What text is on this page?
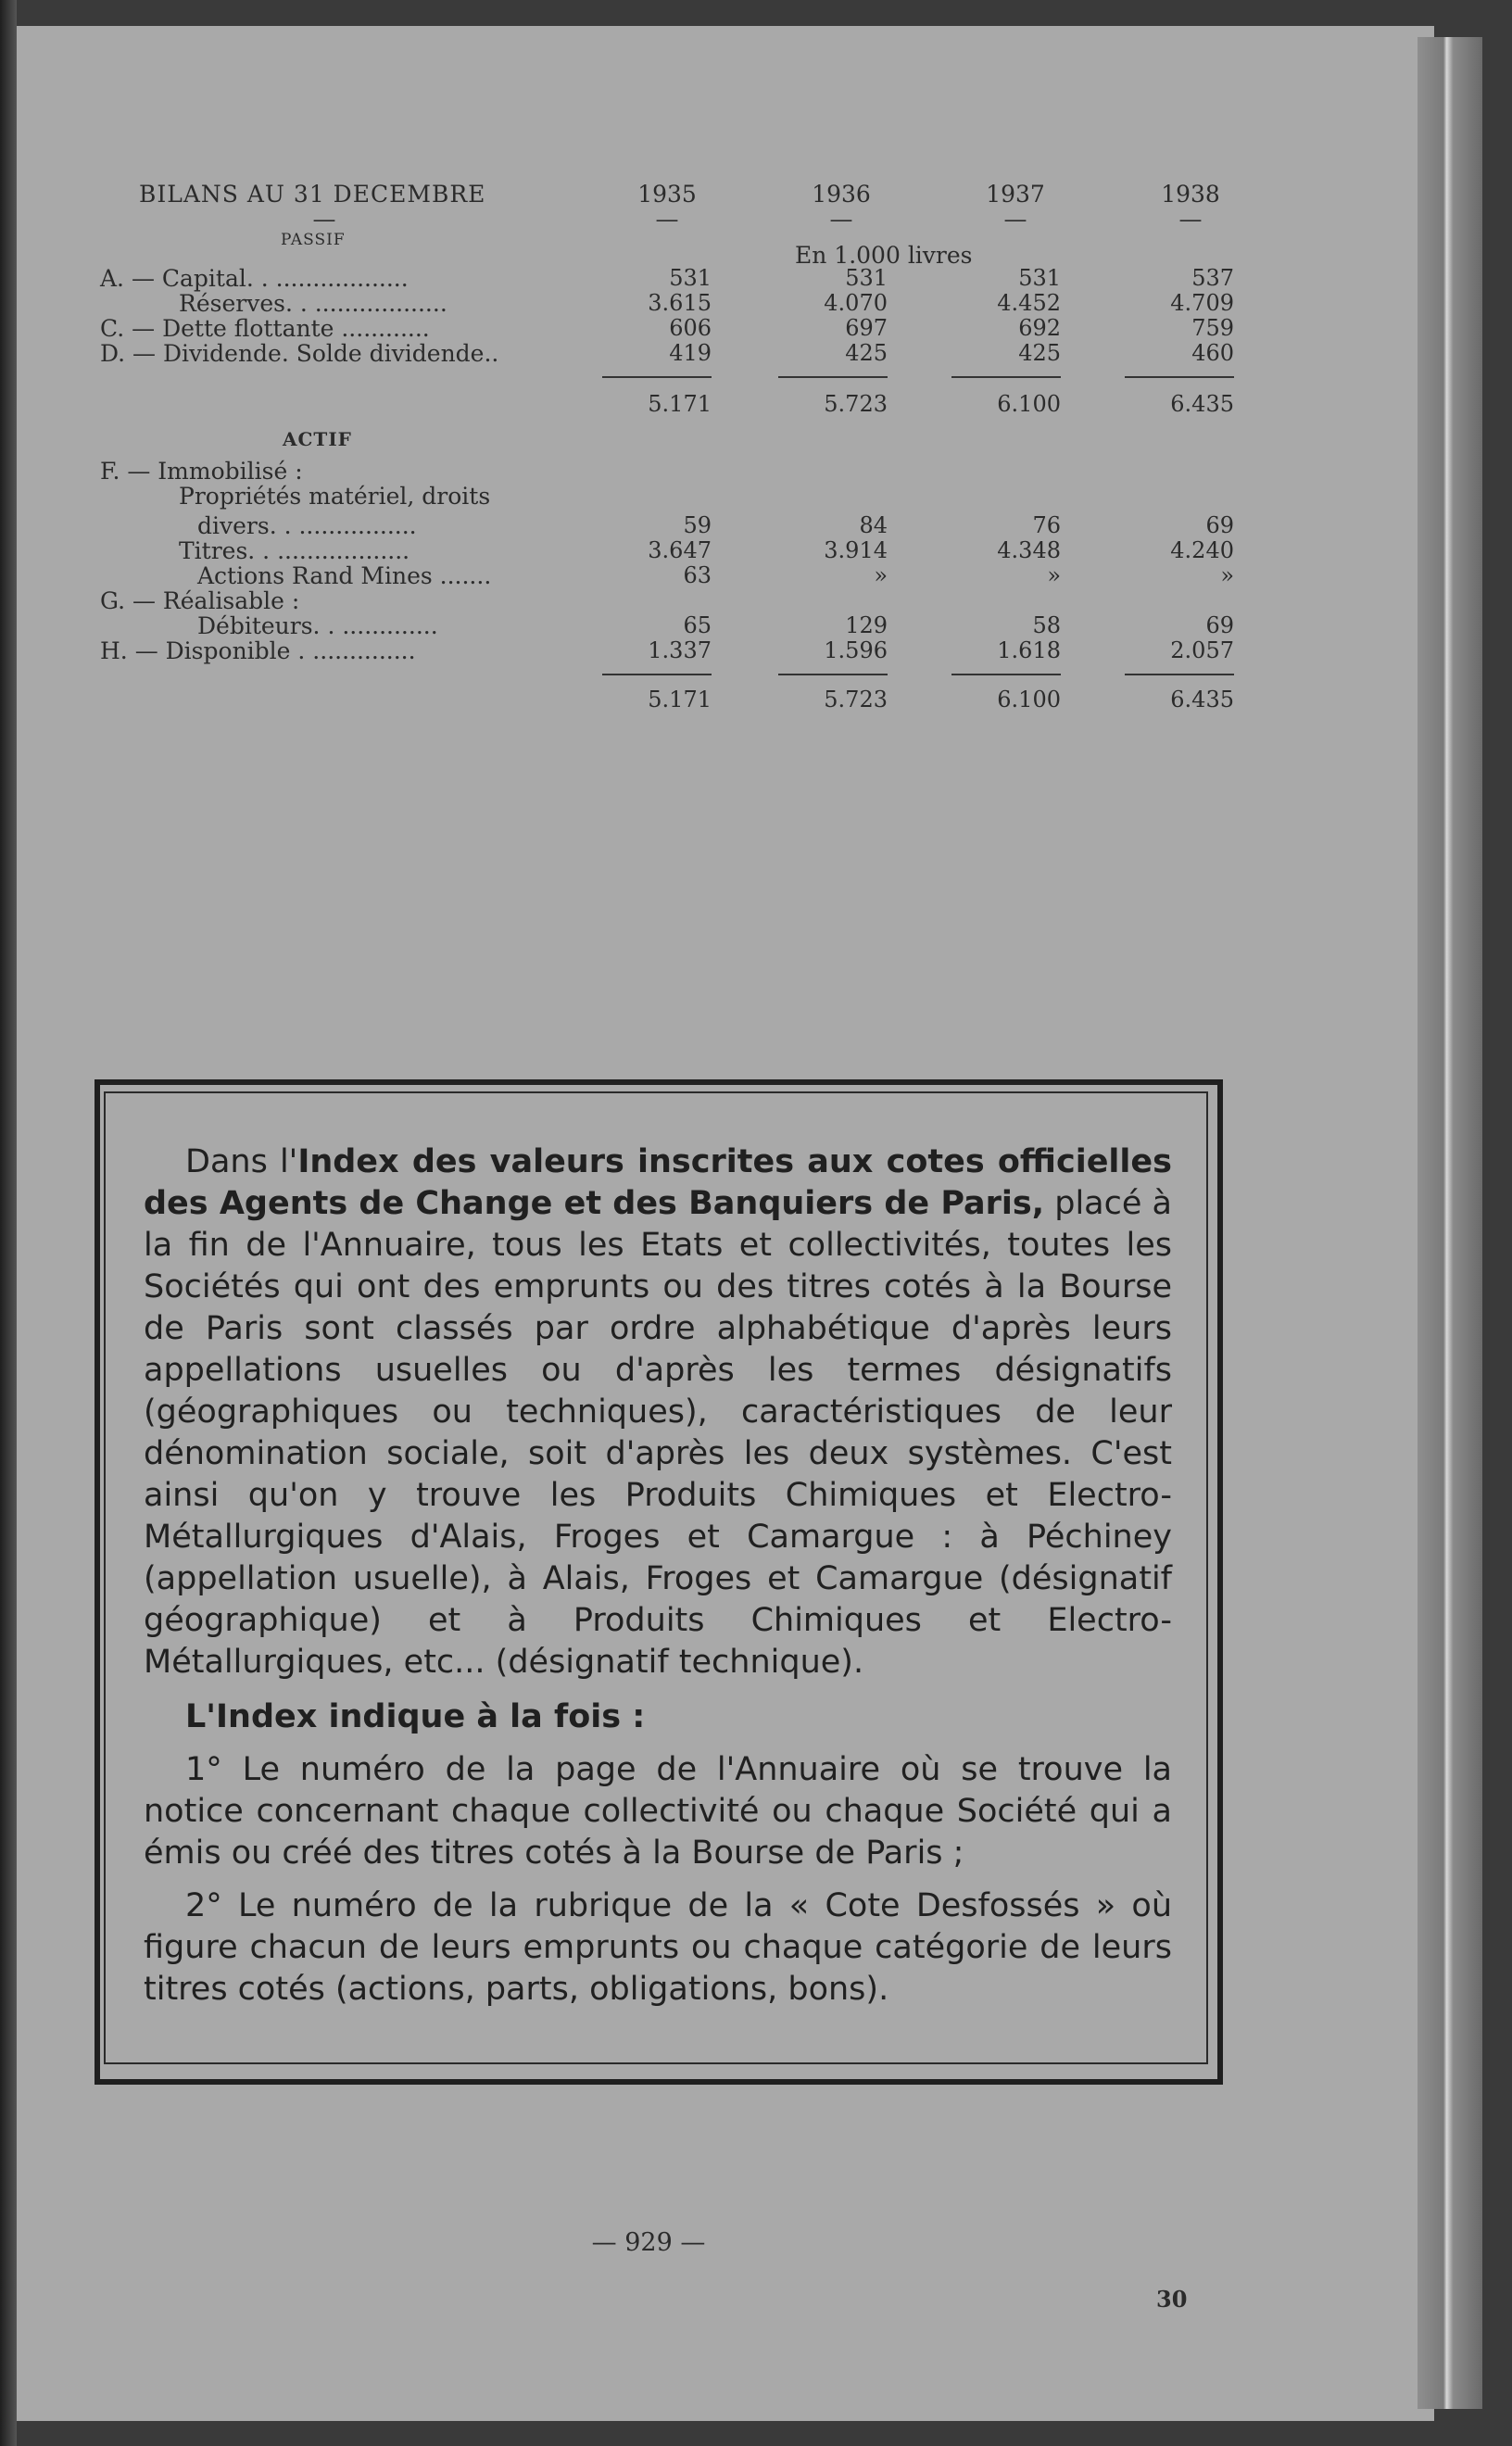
BILANS AU 31 DECEMBRE	1935	1936	1937	1938
—	—	—	—	—
PASSIF
En 1.000 livres
A. — Capital. . ..................	531	531	531	537
Réserves. . ..................	3.615	4.070	4.452	4.709
C. — Dette flottante ............	606	697	692	759
D. — Dividende. Solde dividende..	419	425	425	460
5.171	5.723	6.100	6.435
F. — Immobilisé :
Propriétés matériel, droits
divers. . ................	59	84	76	69
Titres. . ..................	3.647	3.914	4.348	4.240
Actions Rand Mines .......	63	»	»	»
G. — Réalisable :
Débiteurs. . .............	65	129	58	69
H. — Disponible . ..............	1.337	1.596	1.618	2.057
5.171	5.723	6.100	6.435
ACTIF

Dans l'Index des valeurs inscrites aux cotes officielles des Agents de Change et des Banquiers de Paris, placé à la fin de l'Annuaire, tous les Etats et collectivités, toutes les Sociétés qui ont des emprunts ou des titres cotés à la Bourse de Paris sont classés par ordre alphabétique d'après leurs appellations usuelles ou d'après les termes désignatifs (géographiques ou techniques), caractéristiques de leur dénomination sociale, soit d'après les deux systèmes. C'est ainsi qu'on y trouve les Produits Chimiques et Electro-Métallurgiques d'Alais, Froges et Camargue : à Péchiney (appellation usuelle), à Alais, Froges et Camargue (désignatif géographique) et à Produits Chimiques et Electro-Métallurgiques, etc... (désignatif technique).

L'Index indique à la fois :

1° Le numéro de la page de l'Annuaire où se trouve la notice concernant chaque collectivité ou chaque Société qui a émis ou créé des titres cotés à la Bourse de Paris ;

2° Le numéro de la rubrique de la « Cote Desfossés » où figure chacun de leurs emprunts ou chaque catégorie de leurs titres cotés (actions, parts, obligations, bons).

— 929 —
30
